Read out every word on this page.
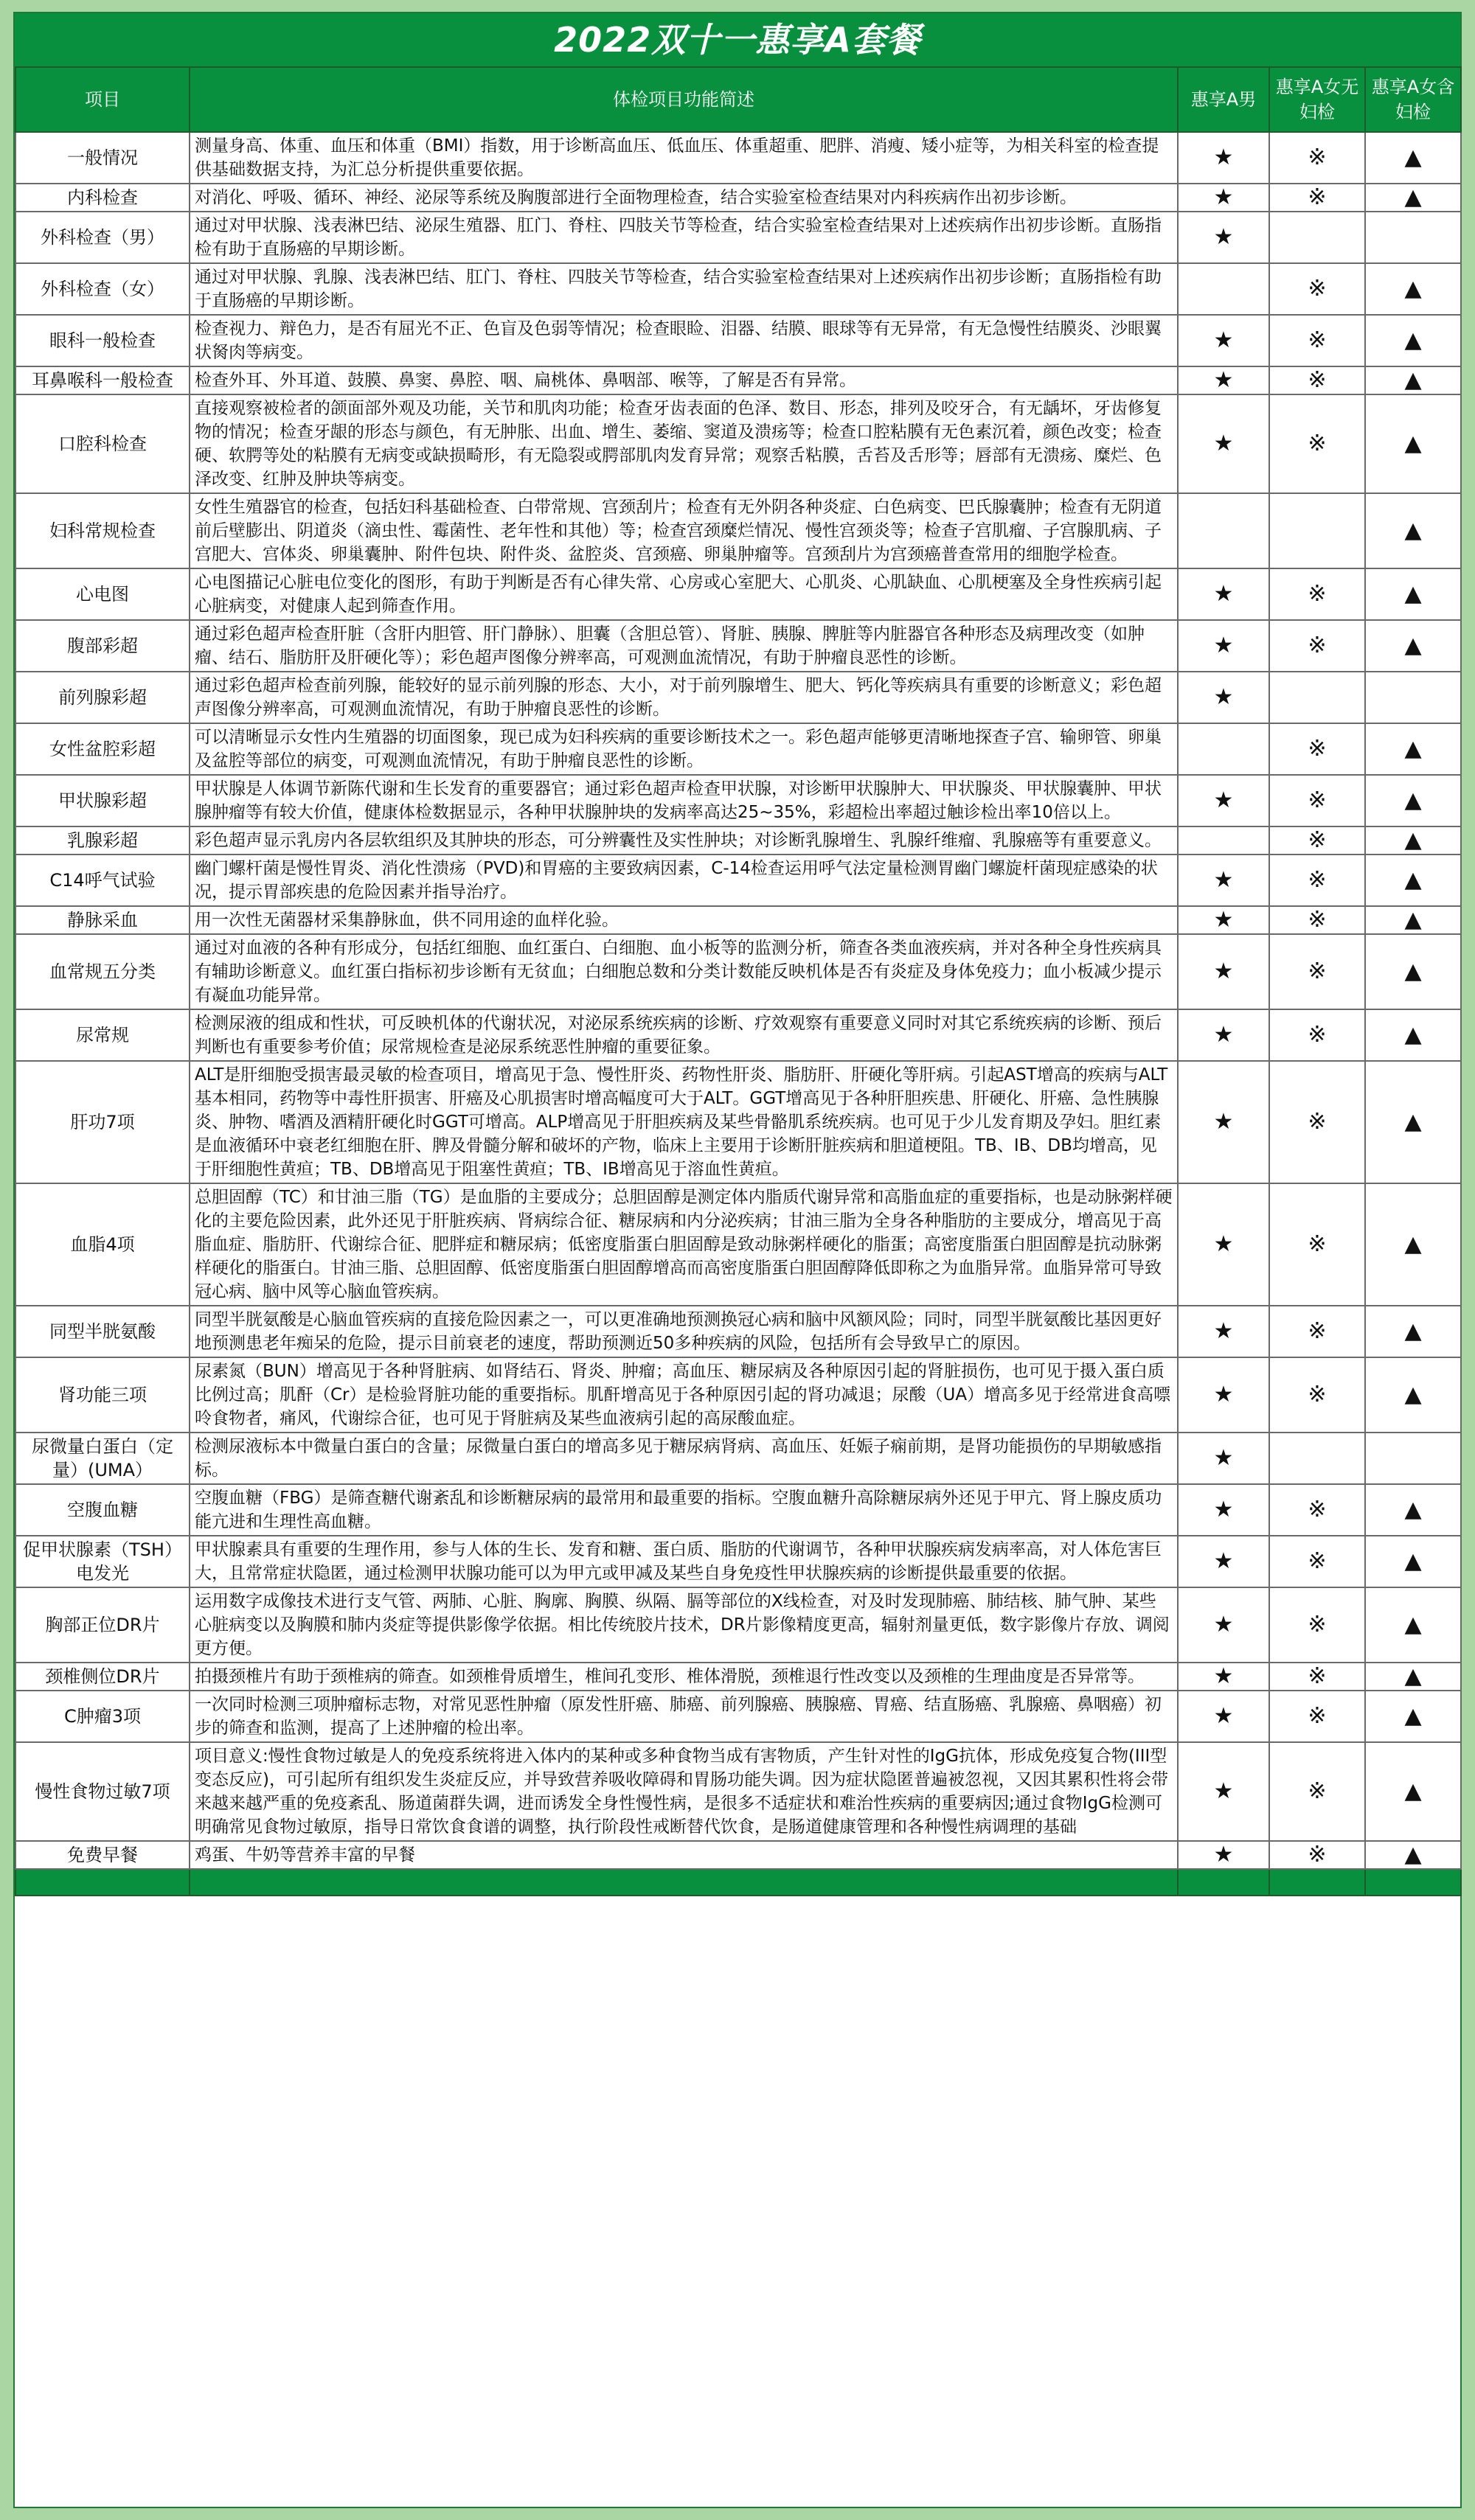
2022双十一惠享A套餐
项目	体检项目功能简述	惠享A男	惠享A女无妇检	惠享A女含妇检
一般情况	测量身高、体重、血压和体重（BMI）指数，用于诊断高血压、低血压、体重超重、肥胖、消瘦、矮小症等，为相关科室的检查提供基础数据支持，为汇总分析提供重要依据。	★	※	▲
内科检查	对消化、呼吸、循环、神经、泌尿等系统及胸腹部进行全面物理检查，结合实验室检查结果对内科疾病作出初步诊断。	★	※	▲
外科检查（男）	通过对甲状腺、浅表淋巴结、泌尿生殖器、肛门、脊柱、四肢关节等检查，结合实验室检查结果对上述疾病作出初步诊断。直肠指检有助于直肠癌的早期诊断。	★		
外科检查（女）	通过对甲状腺、乳腺、浅表淋巴结、肛门、脊柱、四肢关节等检查，结合实验室检查结果对上述疾病作出初步诊断；直肠指检有助于直肠癌的早期诊断。		※	▲
眼科一般检查	检查视力、辩色力，是否有屈光不正、色盲及色弱等情况；检查眼睑、泪器、结膜、眼球等有无异常，有无急慢性结膜炎、沙眼翼状胬肉等病变。	★	※	▲
耳鼻喉科一般检查	检查外耳、外耳道、鼓膜、鼻窦、鼻腔、咽、扁桃体、鼻咽部、喉等，了解是否有异常。	★	※	▲
口腔科检查	直接观察被检者的颌面部外观及功能，关节和肌肉功能；检查牙齿表面的色泽、数目、形态，排列及咬牙合，有无龋坏，牙齿修复物的情况；检查牙龈的形态与颜色，有无肿胀、出血、增生、萎缩、窦道及溃疡等；检查口腔粘膜有无色素沉着，颜色改变；检查硬、软腭等处的粘膜有无病变或缺损畸形，有无隐裂或腭部肌肉发育异常；观察舌粘膜，舌苔及舌形等；唇部有无溃疡、糜烂、色泽改变、红肿及肿块等病变。	★	※	▲
妇科常规检查	女性生殖器官的检查，包括妇科基础检查、白带常规、宫颈刮片；检查有无外阴各种炎症、白色病变、巴氏腺囊肿；检查有无阴道前后壁膨出、阴道炎（滴虫性、霉菌性、老年性和其他）等；检查宫颈糜烂情况、慢性宫颈炎等；检查子宫肌瘤、子宫腺肌病、子宫肥大、宫体炎、卵巢囊肿、附件包块、附件炎、盆腔炎、宫颈癌、卵巢肿瘤等。宫颈刮片为宫颈癌普查常用的细胞学检查。			▲
心电图	心电图描记心脏电位变化的图形，有助于判断是否有心律失常、心房或心室肥大、心肌炎、心肌缺血、心肌梗塞及全身性疾病引起心脏病变，对健康人起到筛查作用。	★	※	▲
腹部彩超	通过彩色超声检查肝脏（含肝内胆管、肝门静脉）、胆囊（含胆总管）、肾脏、胰腺、脾脏等内脏器官各种形态及病理改变（如肿瘤、结石、脂肪肝及肝硬化等）；彩色超声图像分辨率高，可观测血流情况，有助于肿瘤良恶性的诊断。	★	※	▲
前列腺彩超	通过彩色超声检查前列腺，能较好的显示前列腺的形态、大小，对于前列腺增生、肥大、钙化等疾病具有重要的诊断意义；彩色超声图像分辨率高，可观测血流情况，有助于肿瘤良恶性的诊断。	★		
女性盆腔彩超	可以清晰显示女性内生殖器的切面图象，现已成为妇科疾病的重要诊断技术之一。彩色超声能够更清晰地探查子宫、输卵管、卵巢及盆腔等部位的病变，可观测血流情况，有助于肿瘤良恶性的诊断。		※	▲
甲状腺彩超	甲状腺是人体调节新陈代谢和生长发育的重要器官；通过彩色超声检查甲状腺，对诊断甲状腺肿大、甲状腺炎、甲状腺囊肿、甲状腺肿瘤等有较大价值，健康体检数据显示，各种甲状腺肿块的发病率高达25~35%，彩超检出率超过触诊检出率10倍以上。	★	※	▲
乳腺彩超	彩色超声显示乳房内各层软组织及其肿块的形态，可分辨囊性及实性肿块；对诊断乳腺增生、乳腺纤维瘤、乳腺癌等有重要意义。		※	▲
C14呼气试验	幽门螺杆菌是慢性胃炎、消化性溃疡（PVD)和胃癌的主要致病因素，C-14检查运用呼气法定量检测胃幽门螺旋杆菌现症感染的状况，提示胃部疾患的危险因素并指导治疗。	★	※	▲
静脉采血	用一次性无菌器材采集静脉血，供不同用途的血样化验。	★	※	▲
血常规五分类	通过对血液的各种有形成分，包括红细胞、血红蛋白、白细胞、血小板等的监测分析，筛查各类血液疾病，并对各种全身性疾病具有辅助诊断意义。血红蛋白指标初步诊断有无贫血；白细胞总数和分类计数能反映机体是否有炎症及身体免疫力；血小板减少提示有凝血功能异常。	★	※	▲
尿常规	检测尿液的组成和性状，可反映机体的代谢状况，对泌尿系统疾病的诊断、疗效观察有重要意义同时对其它系统疾病的诊断、预后判断也有重要参考价值；尿常规检查是泌尿系统恶性肿瘤的重要征象。	★	※	▲
肝功7项	ALT是肝细胞受损害最灵敏的检查项目，增高见于急、慢性肝炎、药物性肝炎、脂肪肝、肝硬化等肝病。引起AST增高的疾病与ALT基本相同，药物等中毒性肝损害、肝癌及心肌损害时增高幅度可大于ALT。GGT增高见于各种肝胆疾患、肝硬化、肝癌、急性胰腺炎、肿物、嗜酒及酒精肝硬化时GGT可增高。ALP增高见于肝胆疾病及某些骨骼肌系统疾病。也可见于少儿发育期及孕妇。胆红素是血液循环中衰老红细胞在肝、脾及骨髓分解和破坏的产物，临床上主要用于诊断肝脏疾病和胆道梗阻。TB、IB、DB均增高，见于肝细胞性黄疸；TB、DB增高见于阻塞性黄疸；TB、IB增高见于溶血性黄疸。	★	※	▲
血脂4项	总胆固醇（TC）和甘油三脂（TG）是血脂的主要成分；总胆固醇是测定体内脂质代谢异常和高脂血症的重要指标，也是动脉粥样硬化的主要危险因素，此外还见于肝脏疾病、肾病综合征、糖尿病和内分泌疾病；甘油三脂为全身各种脂肪的主要成分，增高见于高脂血症、脂肪肝、代谢综合征、肥胖症和糖尿病；低密度脂蛋白胆固醇是致动脉粥样硬化的脂蛋；高密度脂蛋白胆固醇是抗动脉粥样硬化的脂蛋白。甘油三脂、总胆固醇、低密度脂蛋白胆固醇增高而高密度脂蛋白胆固醇降低即称之为血脂异常。血脂异常可导致冠心病、脑中风等心脑血管疾病。	★	※	▲
同型半胱氨酸	同型半胱氨酸是心脑血管疾病的直接危险因素之一，可以更准确地预测换冠心病和脑中风额风险；同时，同型半胱氨酸比基因更好地预测患老年痴呆的危险，提示目前衰老的速度，帮助预测近50多种疾病的风险，包括所有会导致早亡的原因。	★	※	▲
肾功能三项	尿素氮（BUN）增高见于各种肾脏病、如肾结石、肾炎、肿瘤；高血压、糖尿病及各种原因引起的肾脏损伤，也可见于摄入蛋白质比例过高；肌酐（Cr）是检验肾脏功能的重要指标。肌酐增高见于各种原因引起的肾功减退；尿酸（UA）增高多见于经常进食高嘌呤食物者，痛风，代谢综合征，也可见于肾脏病及某些血液病引起的高尿酸血症。	★	※	▲
尿微量白蛋白（定量）(UMA）	检测尿液标本中微量白蛋白的含量；尿微量白蛋白的增高多见于糖尿病肾病、高血压、妊娠子痫前期，是肾功能损伤的早期敏感指标。	★		
空腹血糖	空腹血糖（FBG）是筛查糖代谢紊乱和诊断糖尿病的最常用和最重要的指标。空腹血糖升高除糖尿病外还见于甲亢、肾上腺皮质功能亢进和生理性高血糖。	★	※	▲
促甲状腺素（TSH）电发光	甲状腺素具有重要的生理作用，参与人体的生长、发育和糖、蛋白质、脂肪的代谢调节，各种甲状腺疾病发病率高，对人体危害巨大，且常常症状隐匿，通过检测甲状腺功能可以为甲亢或甲减及某些自身免疫性甲状腺疾病的诊断提供最重要的依据。	★	※	▲
胸部正位DR片	运用数字成像技术进行支气管、两肺、心脏、胸廓、胸膜、纵隔、膈等部位的X线检查，对及时发现肺癌、肺结核、肺气肿、某些心脏病变以及胸膜和肺内炎症等提供影像学依据。相比传统胶片技术，DR片影像精度更高，辐射剂量更低，数字影像片存放、调阅更方便。	★	※	▲
颈椎侧位DR片	拍摄颈椎片有助于颈椎病的筛查。如颈椎骨质增生，椎间孔变形、椎体滑脱，颈椎退行性改变以及颈椎的生理曲度是否异常等。	★	※	▲
C肿瘤3项	一次同时检测三项肿瘤标志物，对常见恶性肿瘤（原发性肝癌、肺癌、前列腺癌、胰腺癌、胃癌、结直肠癌、乳腺癌、鼻咽癌）初步的筛查和监测，提高了上述肿瘤的检出率。	★	※	▲
慢性食物过敏7项	项目意义:慢性食物过敏是人的免疫系统将进入体内的某种或多种食物当成有害物质，产生针对性的IgG抗体，形成免疫复合物(III型变态反应)，可引起所有组织发生炎症反应，并导致营养吸收障碍和胃肠功能失调。因为症状隐匿普遍被忽视，又因其累积性将会带来越来越严重的免疫紊乱、肠道菌群失调，进而诱发全身性慢性病，是很多不适症状和难治性疾病的重要病因;通过食物IgG检测可明确常见食物过敏原，指导日常饮食食谱的调整，执行阶段性戒断替代饮食，是肠道健康管理和各种慢性病调理的基础	★	※	▲
免费早餐	鸡蛋、牛奶等营养丰富的早餐	★	※	▲
